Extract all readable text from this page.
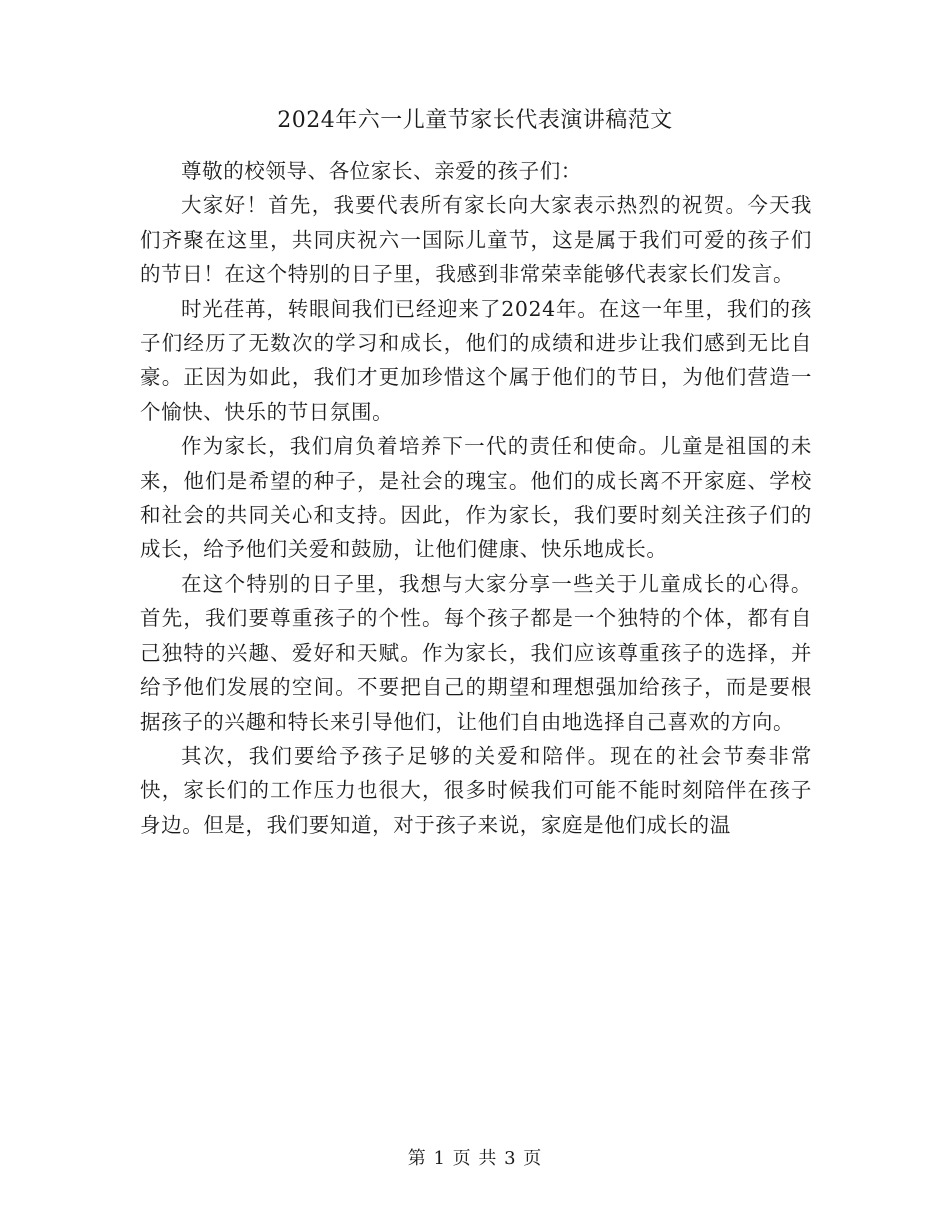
2024年六一儿童节家长代表演讲稿范文

尊敬的校领导、各位家长、亲爱的孩子们：

大家好！首先，我要代表所有家长向大家表示热烈的祝贺。今天我们齐聚在这里，共同庆祝六一国际儿童节，这是属于我们可爱的孩子们的节日！在这个特别的日子里，我感到非常荣幸能够代表家长们发言。

时光荏苒，转眼间我们已经迎来了2024年。在这一年里，我们的孩子们经历了无数次的学习和成长，他们的成绩和进步让我们感到无比自豪。正因为如此，我们才更加珍惜这个属于他们的节日，为他们营造一个愉快、快乐的节日氛围。

作为家长，我们肩负着培养下一代的责任和使命。儿童是祖国的未来，他们是希望的种子，是社会的瑰宝。他们的成长离不开家庭、学校和社会的共同关心和支持。因此，作为家长，我们要时刻关注孩子们的成长，给予他们关爱和鼓励，让他们健康、快乐地成长。

在这个特别的日子里，我想与大家分享一些关于儿童成长的心得。首先，我们要尊重孩子的个性。每个孩子都是一个独特的个体，都有自己独特的兴趣、爱好和天赋。作为家长，我们应该尊重孩子的选择，并给予他们发展的空间。不要把自己的期望和理想强加给孩子，而是要根据孩子的兴趣和特长来引导他们，让他们自由地选择自己喜欢的方向。

其次，我们要给予孩子足够的关爱和陪伴。现在的社会节奏非常快，家长们的工作压力也很大，很多时候我们可能不能时刻陪伴在孩子身边。但是，我们要知道，对于孩子来说，家庭是他们成长的温

第 1 页 共 3 页
